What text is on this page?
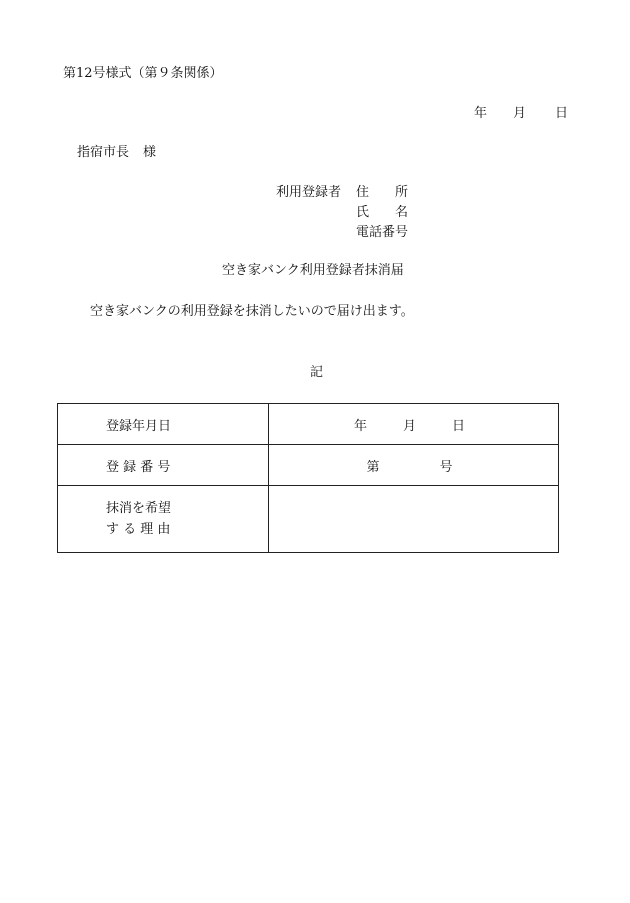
第12号様式（第９条関係）
年 月 日
指宿市長 様
利用登録者 住　　所
氏　　名
電話番号
空き家バンク利用登録者抹消届
空き家バンクの利用登録を抹消したいので届け出ます。
記
登録年月日	年 月 日
登 録 番 号	第 号
抹消を希望
す る 理 由	
